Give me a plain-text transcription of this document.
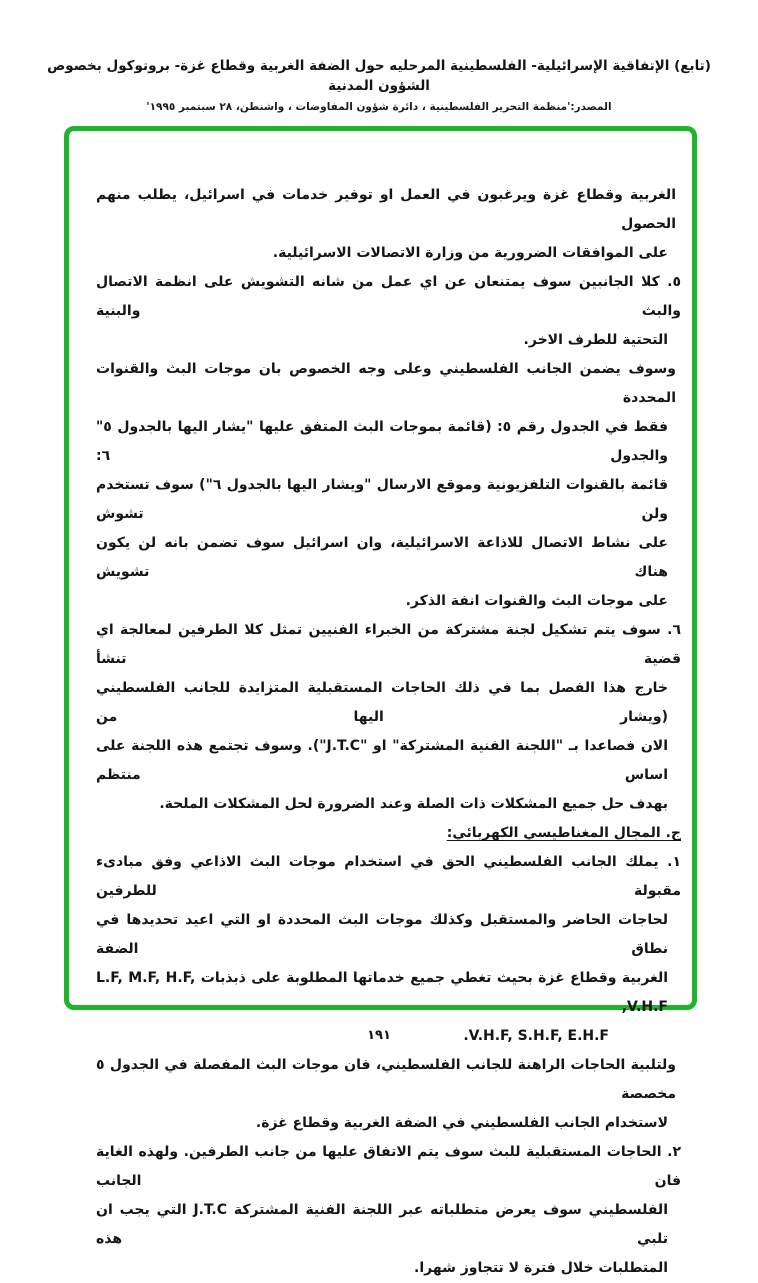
(تابع) الإتفاقية الإسرائيلية- الفلسطينية المرحليه حول الضفة الغربية وقطاع غزة- بروتوكول بخصوص الشؤون المدنية
المصدر:'منظمة التحرير الفلسطينية ، دائرة شؤون المفاوضات ، واشنطن، ٢٨ سبتمبر ١٩٩٥'
الغربية وقطاع غزة ويرغبون في العمل او توفير خدمات في اسرائيل، يطلب منهم الحصول
على الموافقات الضرورية من وزارة الاتصالات الاسرائيلية.
٥. كلا الجانبين سوف يمتنعان عن اي عمل من شانه التشويش على انظمة الاتصال والبث والبنية
التحتية للطرف الاخر.
وسوف يضمن الجانب الفلسطيني وعلى وجه الخصوص بان موجات البث والقنوات المحددة
فقط في الجدول رقم ٥: (قائمة بموجات البث المتفق عليها "يشار اليها بالجدول ٥" والجدول ٦:
قائمة بالقنوات التلفزيونية وموقع الارسال "ويشار اليها بالجدول ٦") سوف تستخدم ولن تشوش
على نشاط الاتصال للاذاعة الاسرائيلية، وان اسرائيل سوف تضمن بانه لن يكون هناك تشويش
على موجات البث والقنوات انفة الذكر.
٦. سوف يتم تشكيل لجنة مشتركة من الخبراء الفنيين تمثل كلا الطرفين لمعالجة اي قضية تنشأ
خارج هذا الفصل بما في ذلك الحاجات المستقبلية المتزايدة للجانب الفلسطيني (ويشار اليها من
الان فصاعدا بـ "اللجنة الفنية المشتركة" او "J.T.C"). وسوف تجتمع هذه اللجنة على اساس منتظم
بهدف حل جميع المشكلات ذات الصلة وعند الضرورة لحل المشكلات الملحة.
ج. المجال المغناطيسي الكهربائي:
١. يملك الجانب الفلسطيني الحق في استخدام موجات البث الاذاعي وفق مبادىء مقبولة للطرفين
لحاجات الحاضر والمستقبل وكذلك موجات البث المحددة او التي اعيد تحديدها في نطاق الضفة
الغربية وقطاع غزة بحيث تغطي جميع خدماتها المطلوبة على ذبذبات L.F, M.F, H.F, V.H.F,
V.H.F, S.H.F, E.H.F.
ولتلبية الحاجات الراهنة للجانب الفلسطيني، فان موجات البث المفصلة في الجدول ٥ مخصصة
لاستخدام الجانب الفلسطيني في الضفة الغربية وقطاع غزة.
٢. الحاجات المستقبلية للبث سوف يتم الاتفاق عليها من جانب الطرفين. ولهذه الغاية فان الجانب
الفلسطيني سوف يعرض متطلباته عبر اللجنة الفنية المشتركة J.T.C التي يجب ان تلبي هذه
المتطلبات خلال فترة لا تتجاوز شهرا.
١٩١
